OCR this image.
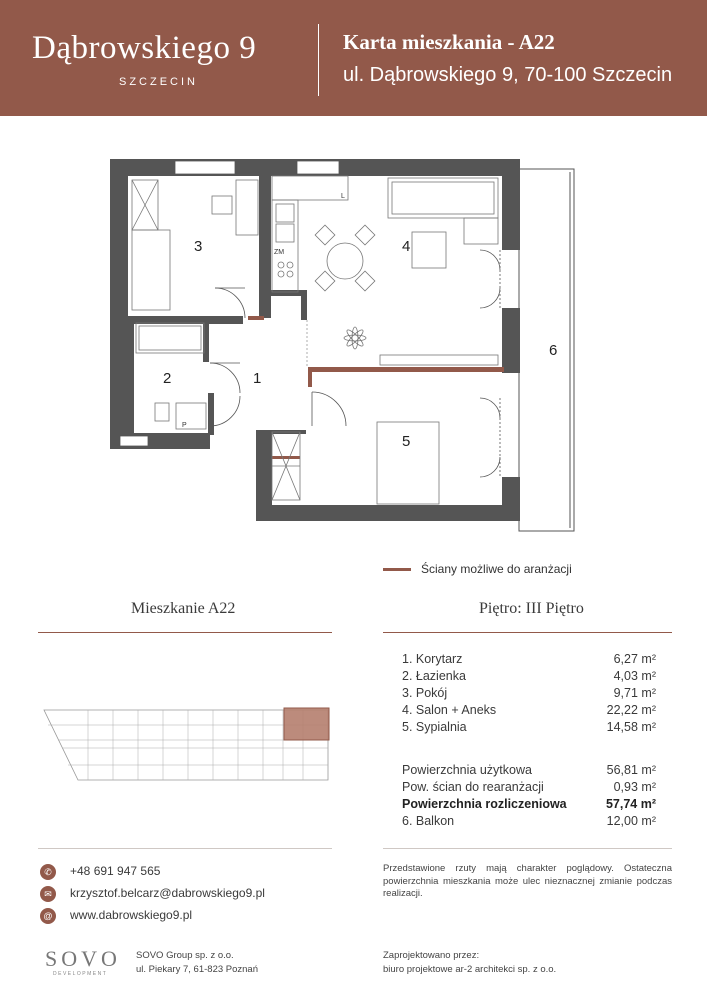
Dąbrowskiego 9
SZCZECIN
Karta mieszkania - A22
ul. Dąbrowskiego 9, 70-100 Szczecin
ZM
L
P
1
2
3	4
5
6
Ściany możliwe do aranżacji
Mieszkanie A22	Piętro: III Piętro
1. Korytarz	6,27 m²
2. Łazienka	4,03 m²
3. Pokój	9,71 m²
4. Salon + Aneks	22,22 m²
5. Sypialnia	14,58 m²
Powierzchnia użytkowa	56,81 m²
Pow. ścian do rearanżacji	0,93 m²
Powierzchnia rozliczeniowa	57,74 m²
6. Balkon	12,00 m²
✆	+48 691 947 565
✉	krzysztof.belcarz@dabrowskiego9.pl
@ www.dabrowskiego9.pl
Przedstawione rzuty mają charakter poglądowy. Ostateczna powierzchnia mieszkania może ulec nieznacznej zmianie podczas realizacji.
SOVO
DEVELOPMENT
SOVO Group sp. z o.o.
ul. Piekary 7, 61-823 Poznań
Zaprojektowano przez:
biuro projektowe ar-2 architekci sp. z o.o.
